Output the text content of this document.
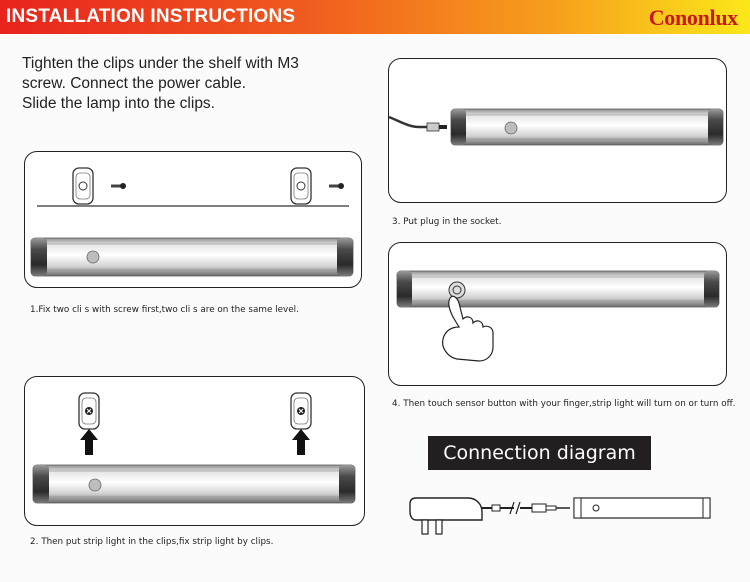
INSTALLATION INSTRUCTIONS	Cononlux
Tighten the clips under the shelf with M3
screw. Connect the power cable.
Slide the lamp into the clips.
1.Fix two cli s with screw first,two cli s are on the same level.
2. Then put strip light in the clips,fix strip light by clips.
3. Put plug in the socket.
4. Then touch sensor button with your finger,strip light will turn on or turn off.
Connection diagram
